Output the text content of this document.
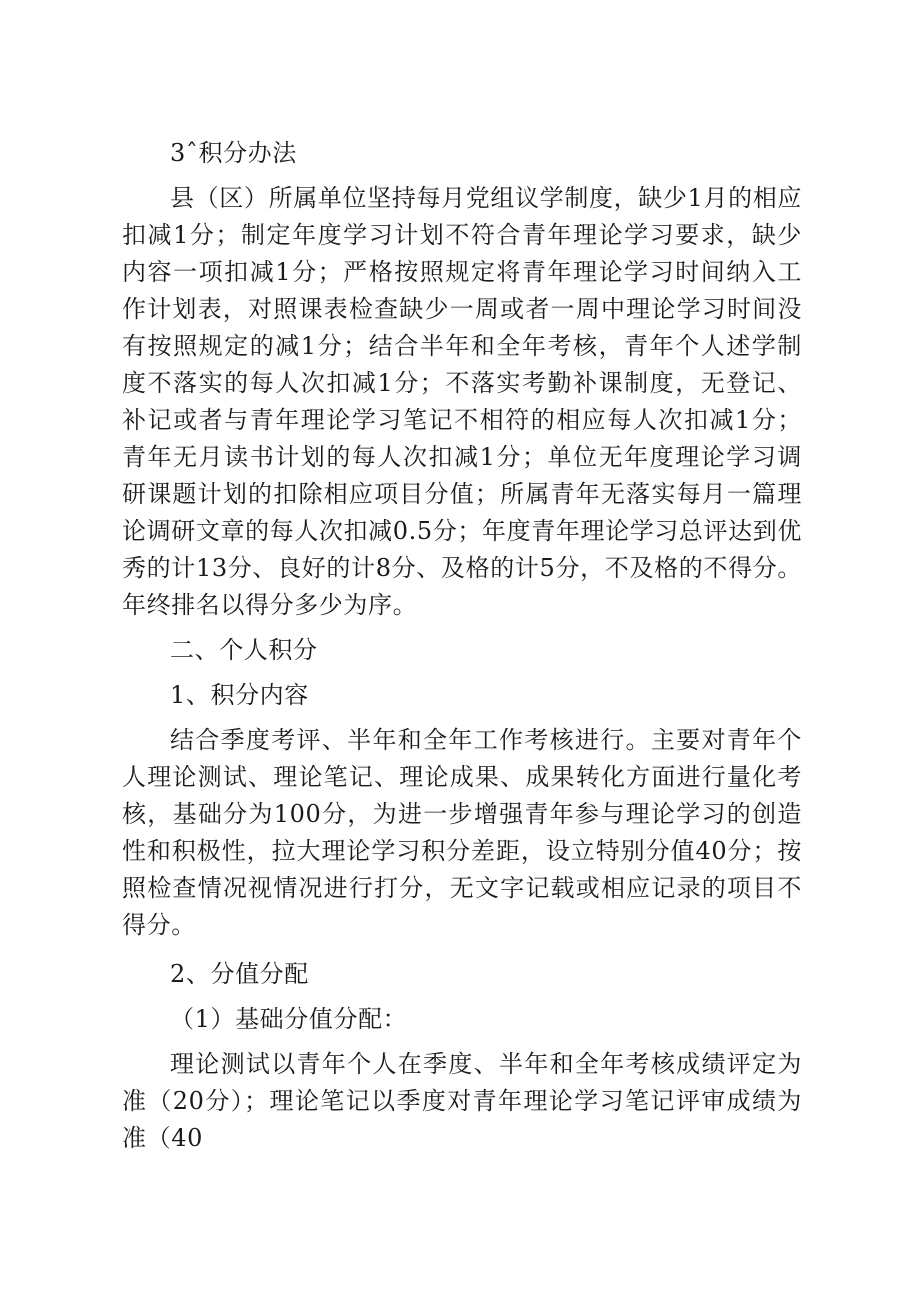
3ˆ积分办法

县（区）所属单位坚持每月党组议学制度，缺少1月的相应扣减1分；制定年度学习计划不符合青年理论学习要求，缺少内容一项扣减1分；严格按照规定将青年理论学习时间纳入工作计划表，对照课表检查缺少一周或者一周中理论学习时间没有按照规定的减1分；结合半年和全年考核，青年个人述学制度不落实的每人次扣减1分；不落实考勤补课制度，无登记、补记或者与青年理论学习笔记不相符的相应每人次扣减1分；青年无月读书计划的每人次扣减1分；单位无年度理论学习调研课题计划的扣除相应项目分值；所属青年无落实每月一篇理论调研文章的每人次扣减0.5分；年度青年理论学习总评达到优秀的计13分、良好的计8分、及格的计5分，不及格的不得分。年终排名以得分多少为序。

二、个人积分

1、积分内容

结合季度考评、半年和全年工作考核进行。主要对青年个人理论测试、理论笔记、理论成果、成果转化方面进行量化考核，基础分为100分，为进一步增强青年参与理论学习的创造性和积极性，拉大理论学习积分差距，设立特别分值40分；按照检查情况视情况进行打分，无文字记载或相应记录的项目不得分。

2、分值分配

（1）基础分值分配：

理论测试以青年个人在季度、半年和全年考核成绩评定为准（20分）；理论笔记以季度对青年理论学习笔记评审成绩为准（40
